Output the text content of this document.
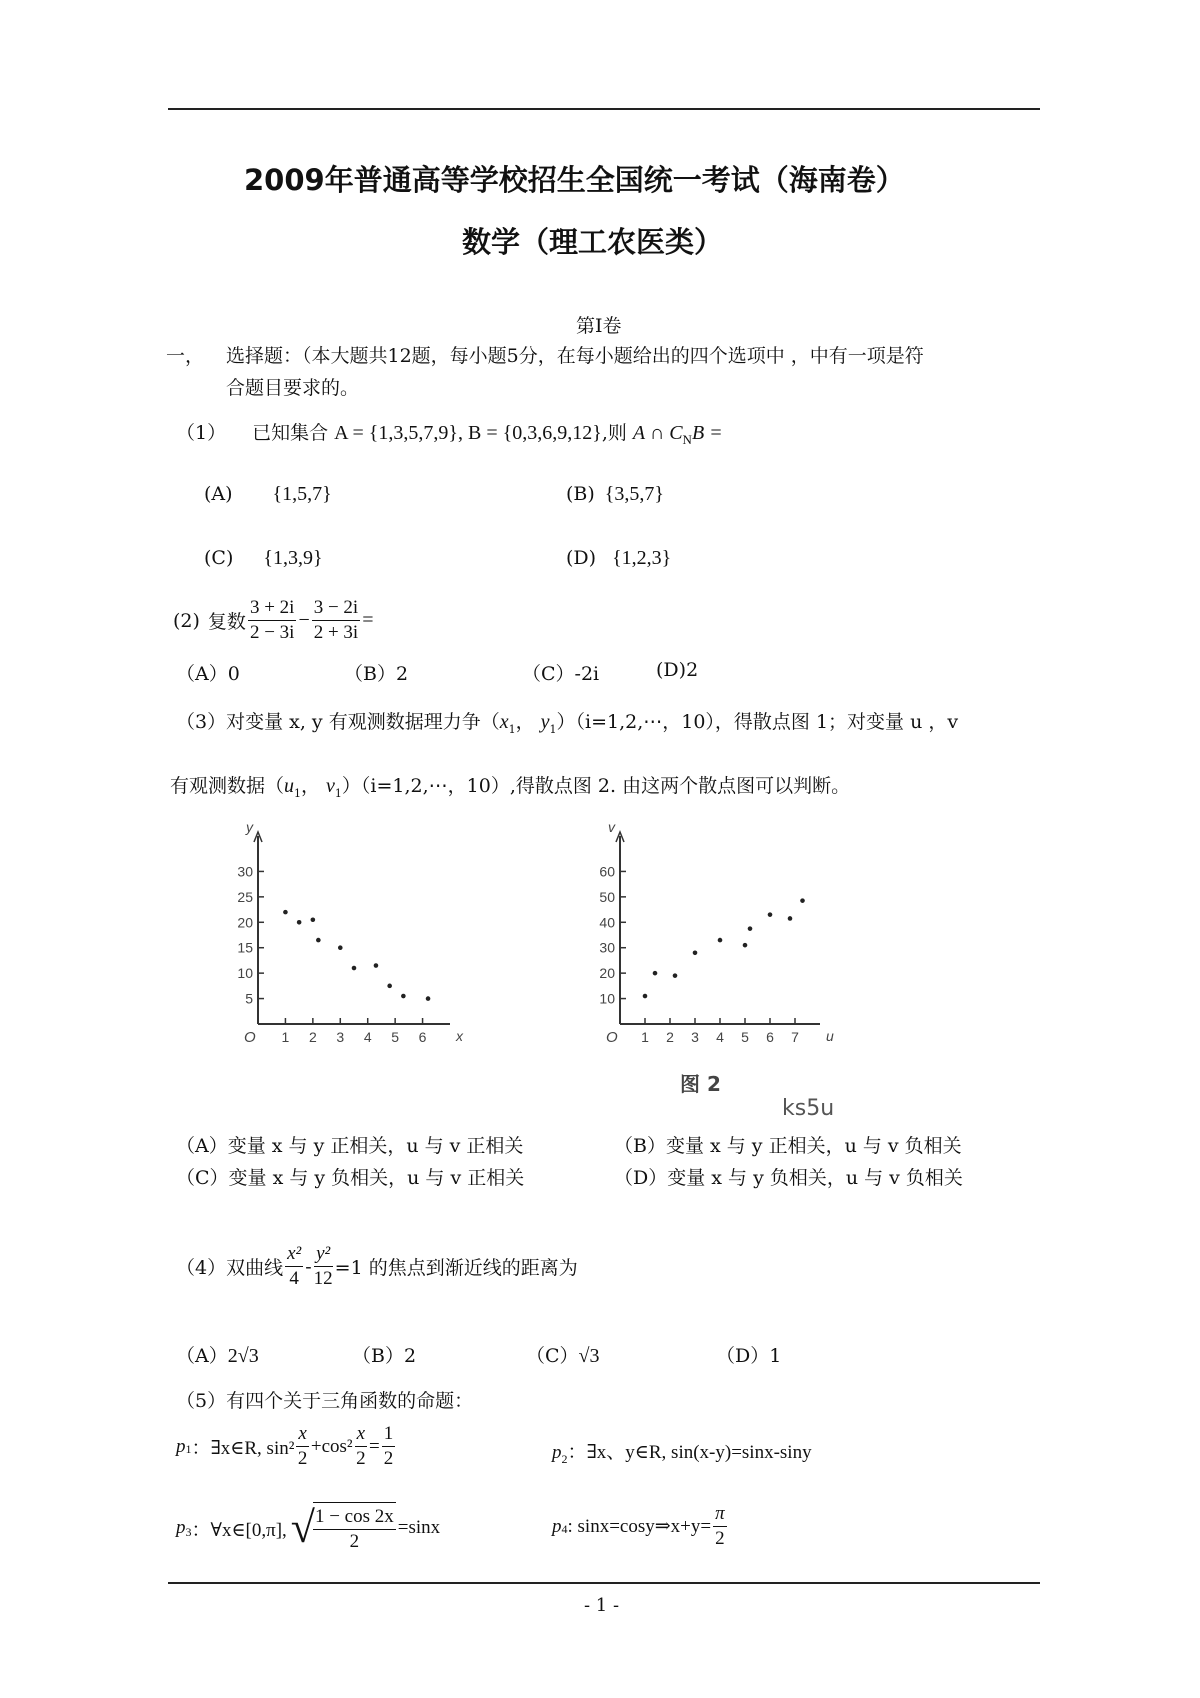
2009年普通高等学校招生全国统一考试（海南卷）
数学（理工农医类）
第I卷
一， 选择题：（本大题共12题，每小题5分，在每小题给出的四个选项中 ，中有一项是符
合题目要求的。
（1） 已知集合 A = {1,3,5,7,9}, B = {0,3,6,9,12},则 A ∩ $C_NB$ =
(A) {1,5,7}	(B) {3,5,7}
(C) {1,3,9}	(D) {1,2,3}
(2) 复数 $\frac{3 + 2i}{2 - 3i} - \frac{3 - 2i}{2 + 3i}$ =
（A）0	（B）2	（C）-2i	(D)2
（3）对变量 x, y 有观测数据理力争（$x_1$， $y_1)(i=1,2,\cdots$，10），得散点图 1；对变量 u ，v
有观测数据（$u_1$， $v_1)(i=1,2,\cdots$，10）,得散点图 2. 由这两个散点图可以判断。
1 2 3 4 5 6
5
10
15
20
25
30
O
y
x	1 2 3 4 5 6 7
10
20
30
40
50
60
O
v
u
图 2
ks5u
（A）变量 x 与 y 正相关，u 与 v 正相关	（B）变量 x 与 y 正相关，u 与 v 负相关
（C）变量 x 与 y 负相关，u 与 v 正相关	（D）变量 x 与 y 负相关，u 与 v 负相关
（4）双曲线 $\frac{\text{x²}}{4} - \frac{\text{y²}}{12} =1$ 的焦点到渐近线的距离为
（A）2√3	（B）2	（C）√3	（D）1
（5）有四个关于三角函数的命题：
p 1 ：∃x∈R, $\sin^2 \frac{x}{2} +\cos^2 \frac{x}{2} = \frac{1}{2}$	$p_2$：∃x、y∈R, sin(x-y)=sinx-siny
$p_3$ ：∀x∈[0,π], √
$\frac{1 - \cos 2x}{2} =\sin x$	p 4 : sinx=cosy⇒x+y= $\frac{\pi}{2}$
- 1 -
